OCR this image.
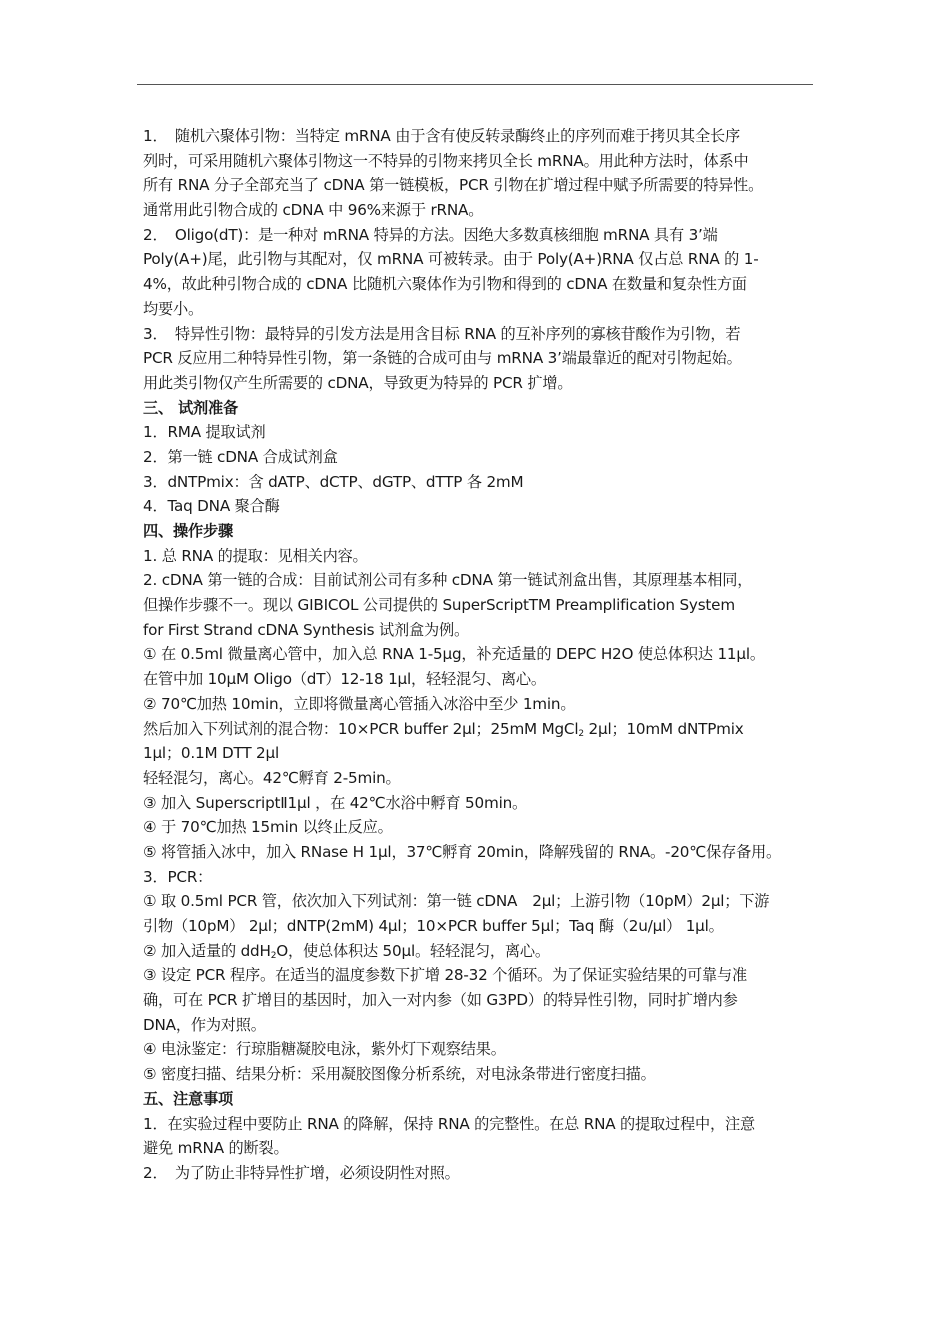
1．　随机六聚体引物：当特定 mRNA 由于含有使反转录酶终止的序列而难于拷贝其全长序
列时，可采用随机六聚体引物这一不特异的引物来拷贝全长 mRNA。用此种方法时，体系中
所有 RNA 分子全部充当了 cDNA 第一链模板，PCR 引物在扩增过程中赋予所需要的特异性。
通常用此引物合成的 cDNA 中 96%来源于 rRNA。
2．　Oligo(dT)：是一种对 mRNA 特异的方法。因绝大多数真核细胞 mRNA 具有 3’端
Poly(A+)尾，此引物与其配对，仅 mRNA 可被转录。由于 Poly(A+)RNA 仅占总 RNA 的 1-
4%，故此种引物合成的 cDNA 比随机六聚体作为引物和得到的 cDNA 在数量和复杂性方面
均要小。
3．　特异性引物：最特异的引发方法是用含目标 RNA 的互补序列的寡核苷酸作为引物，若
PCR 反应用二种特异性引物，第一条链的合成可由与 mRNA 3’端最靠近的配对引物起始。
用此类引物仅产生所需要的 cDNA，导致更为特异的 PCR 扩增。
三、 试剂准备
1．RMA 提取试剂
2．第一链 cDNA 合成试剂盒
3．dNTPmix：含 dATP、dCTP、dGTP、dTTP 各 2mM
4．Taq DNA 聚合酶
四、操作步骤
1. 总 RNA 的提取：见相关内容。
2. cDNA 第一链的合成：目前试剂公司有多种 cDNA 第一链试剂盒出售，其原理基本相同，
但操作步骤不一。现以 GIBICOL 公司提供的 SuperScriptTM Preamplification System
for First Strand cDNA Synthesis 试剂盒为例。
① 在 0.5ml 微量离心管中，加入总 RNA 1-5μg，补充适量的 DEPC H2O 使总体积达 11μl。
在管中加 10μM Oligo（dT）12-18 1μl，轻轻混匀、离心。
② 70℃加热 10min，立即将微量离心管插入冰浴中至少 1min。
然后加入下列试剂的混合物：10×PCR buffer 2μl；25mM MgCl$_2$ 2μl；10mM dNTPmix
1μl；0.1M DTT 2μl
轻轻混匀，离心。42℃孵育 2-5min。
③ 加入 SuperscriptⅡ1μl ，在 42℃水浴中孵育 50min。
④ 于 70℃加热 15min 以终止反应。
⑤ 将管插入冰中，加入 RNase H 1μl，37℃孵育 20min，降解残留的 RNA。-20℃保存备用。
3．PCR：
① 取 0.5ml PCR 管，依次加入下列试剂：第一链 cDNA　2μl；上游引物（10pM）2μl；下游
引物（10pM） 2μl；dNTP(2mM) 4μl；10×PCR buffer 5μl；Taq 酶（2u/μl） 1μl。
② 加入适量的 ddH$_2$O，使总体积达 50μl。轻轻混匀，离心。
③ 设定 PCR 程序。在适当的温度参数下扩增 28-32 个循环。为了保证实验结果的可靠与准
确，可在 PCR 扩增目的基因时，加入一对内参（如 G3PD）的特异性引物，同时扩增内参
DNA，作为对照。
④ 电泳鉴定：行琼脂糖凝胶电泳，紫外灯下观察结果。
⑤ 密度扫描、结果分析：采用凝胶图像分析系统，对电泳条带进行密度扫描。
五、注意事项
1．在实验过程中要防止 RNA 的降解，保持 RNA 的完整性。在总 RNA 的提取过程中，注意
避免 mRNA 的断裂。
2．　为了防止非特异性扩增，必须设阴性对照。
